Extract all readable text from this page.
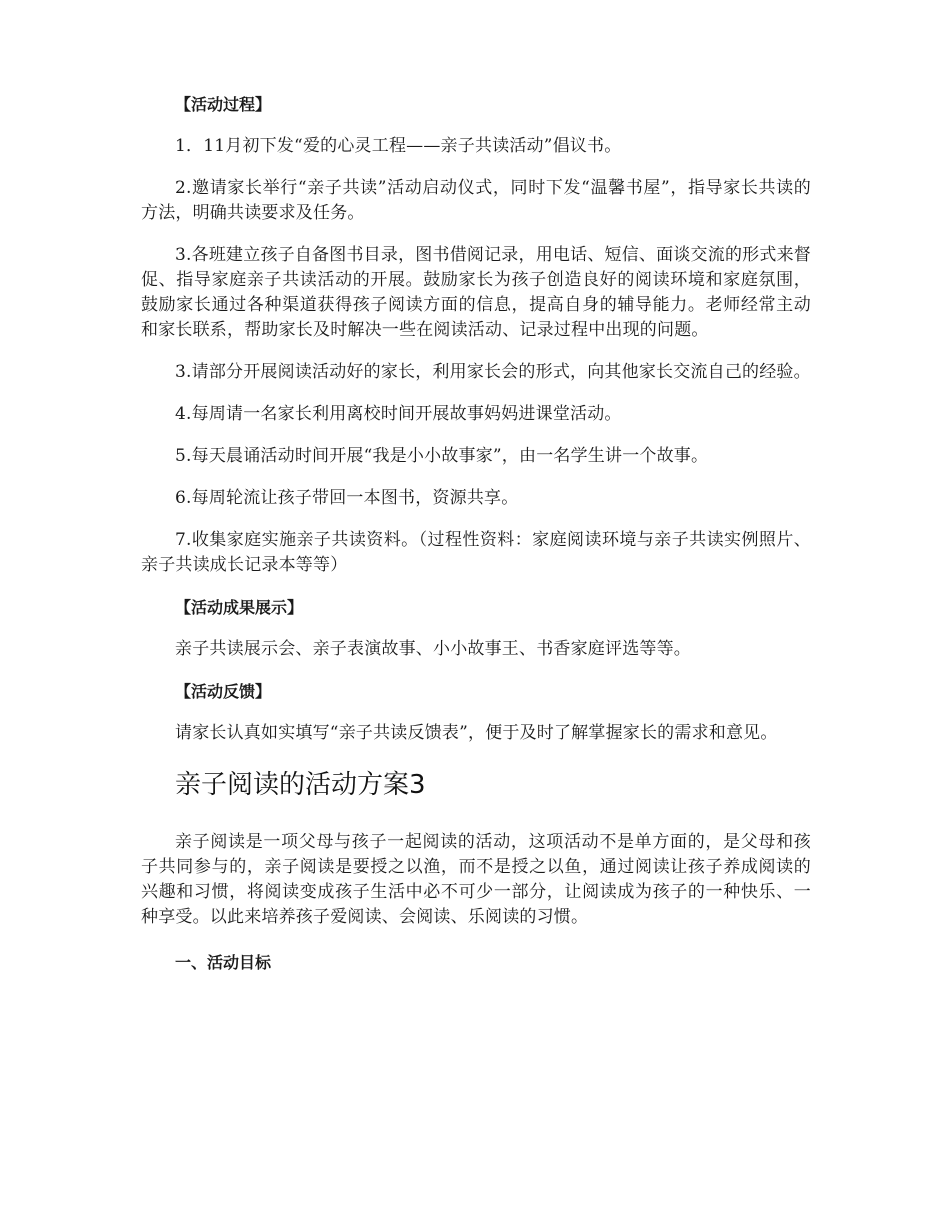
【活动过程】

1．11月初下发“爱的心灵工程——亲子共读活动”倡议书。

2.邀请家长举行“亲子共读”活动启动仪式，同时下发“温馨书屋”，指导家长共读的方法，明确共读要求及任务。

3.各班建立孩子自备图书目录，图书借阅记录，用电话、短信、面谈交流的形式来督促、指导家庭亲子共读活动的开展。鼓励家长为孩子创造良好的阅读环境和家庭氛围，鼓励家长通过各种渠道获得孩子阅读方面的信息，提高自身的辅导能力。老师经常主动和家长联系，帮助家长及时解决一些在阅读活动、记录过程中出现的问题。

3.请部分开展阅读活动好的家长，利用家长会的形式，向其他家长交流自己的经验。

4.每周请一名家长利用离校时间开展故事妈妈进课堂活动。

5.每天晨诵活动时间开展“我是小小故事家”，由一名学生讲一个故事。

6.每周轮流让孩子带回一本图书，资源共享。

7.收集家庭实施亲子共读资料。（过程性资料：家庭阅读环境与亲子共读实例照片、亲子共读成长记录本等等）

【活动成果展示】

亲子共读展示会、亲子表演故事、小小故事王、书香家庭评选等等。

【活动反馈】

请家长认真如实填写“亲子共读反馈表”，便于及时了解掌握家长的需求和意见。

亲子阅读的活动方案3

亲子阅读是一项父母与孩子一起阅读的活动，这项活动不是单方面的，是父母和孩子共同参与的，亲子阅读是要授之以渔，而不是授之以鱼，通过阅读让孩子养成阅读的兴趣和习惯，将阅读变成孩子生活中必不可少一部分，让阅读成为孩子的一种快乐、一种享受。以此来培养孩子爱阅读、会阅读、乐阅读的习惯。

一、活动目标
